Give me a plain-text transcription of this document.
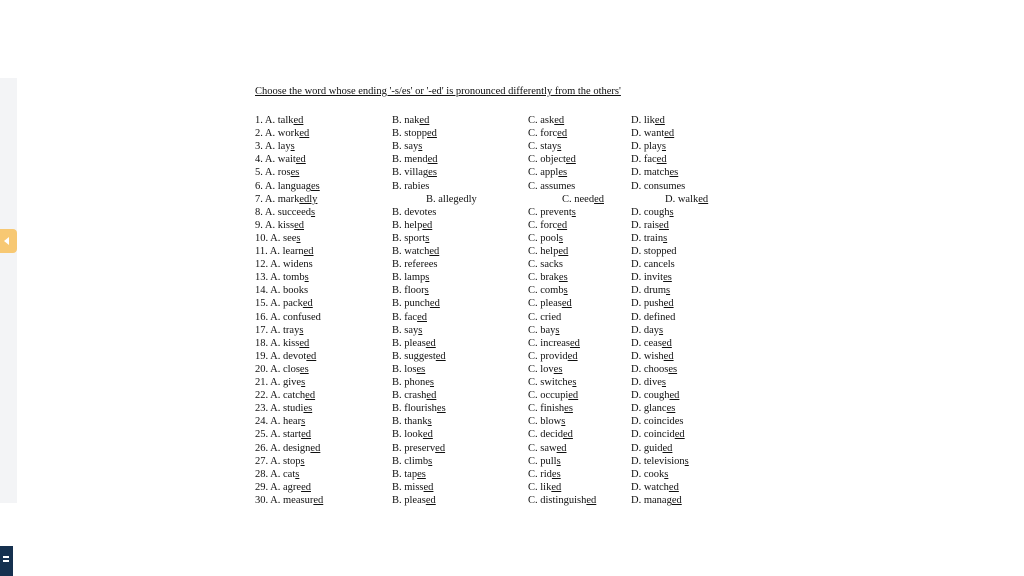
Choose the word whose ending '-s/es' or '-ed' is pronounced differently from the others'
1. A. talked	B. naked	C. asked	D. liked
2. A. worked	B. stopped	C. forced	D. wanted
3. A. lays	B. says	C. stays	D. plays
4. A. waited	B. mended	C. objected	D. faced
5. A. roses	B. villages	C. apples	D. matches
6. A. languages	B. rabies	C. assumes	D. consumes
7. A. markedly	B. allegedly	C. needed	D. walked
8. A. succeeds	B. devotes	C. prevents	D. coughs
9. A. kissed	B. helped	C. forced	D. raised
10. A. sees	B. sports	C. pools	D. trains
11. A. learned	B. watched	C. helped	D. stopped
12. A. widens	B. referees	C. sacks	D. cancels
13. A. tombs	B. lamps	C. brakes	D. invites
14. A. books	B. floors	C. combs	D. drums
15. A. packed	B. punched	C. pleased	D. pushed
16. A. confused	B. faced	C. cried	D. defined
17. A. trays	B. says	C. bays	D. days
18. A. kissed	B. pleased	C. increased	D. ceased
19. A. devoted	B. suggested	C. provided	D. wished
20. A. closes	B. loses	C. loves	D. chooses
21. A. gives	B. phones	C. switches	D. dives
22. A. catched	B. crashed	C. occupied	D. coughed
23. A. studies	B. flourishes	C. finishes	D. glances
24. A. hears	B. thanks	C. blows	D. coincides
25. A. started	B. looked	C. decided	D. coincided
26. A. designed	B. preserved	C. sawed	D. guided
27. A. stops	B. climbs	C. pulls	D. televisions
28. A. cats	B. tapes	C. rides	D. cooks
29. A. agreed	B. missed	C. liked	D. watched
30. A. measured	B. pleased	C. distinguished	D. managed
